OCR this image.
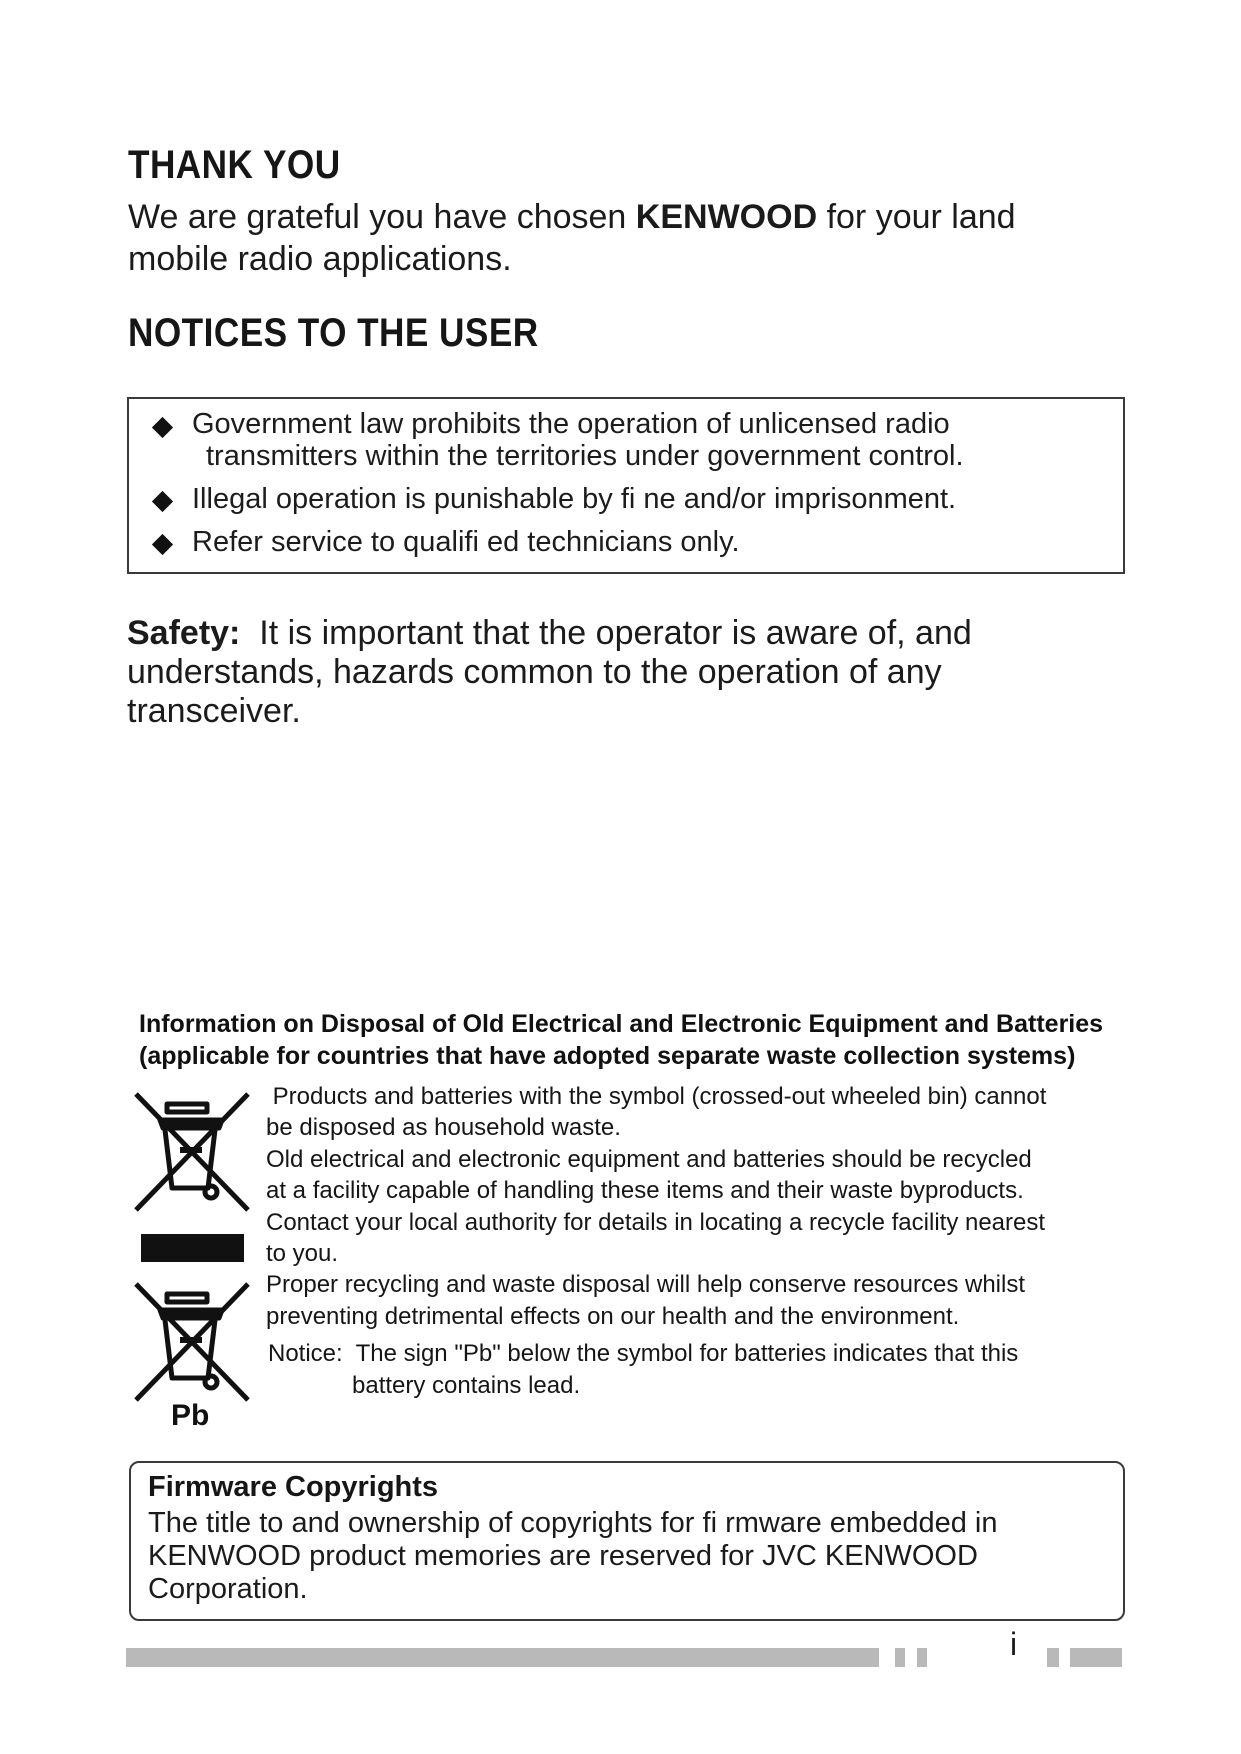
THANK YOU

We are grateful you have chosen KENWOOD for your land
mobile radio applications.

NOTICES TO THE USER
Government law prohibits the operation of unlicensed radio
transmitters within the territories under government control.
Illegal operation is punishable by fi ne and/or imprisonment.
Refer service to qualifi ed technicians only.
Safety: It is important that the operator is aware of, and
understands, hazards common to the operation of any
transceiver.
Information on Disposal of Old Electrical and Electronic Equipment and Batteries
(applicable for countries that have adopted separate waste collection systems)
Pb
Products and batteries with the symbol (crossed-out wheeled bin) cannot
be disposed as household waste.
Old electrical and electronic equipment and batteries should be recycled
at a facility capable of handling these items and their waste byproducts.
Contact your local authority for details in locating a recycle facility nearest
to you.
Proper recycling and waste disposal will help conserve resources whilst
preventing detrimental effects on our health and the environment.
Notice:  The sign "Pb" below the symbol for batteries indicates that this
battery contains lead.
Firmware Copyrights
The title to and ownership of copyrights for fi rmware embedded in
KENWOOD product memories are reserved for JVC KENWOOD
Corporation.
i
